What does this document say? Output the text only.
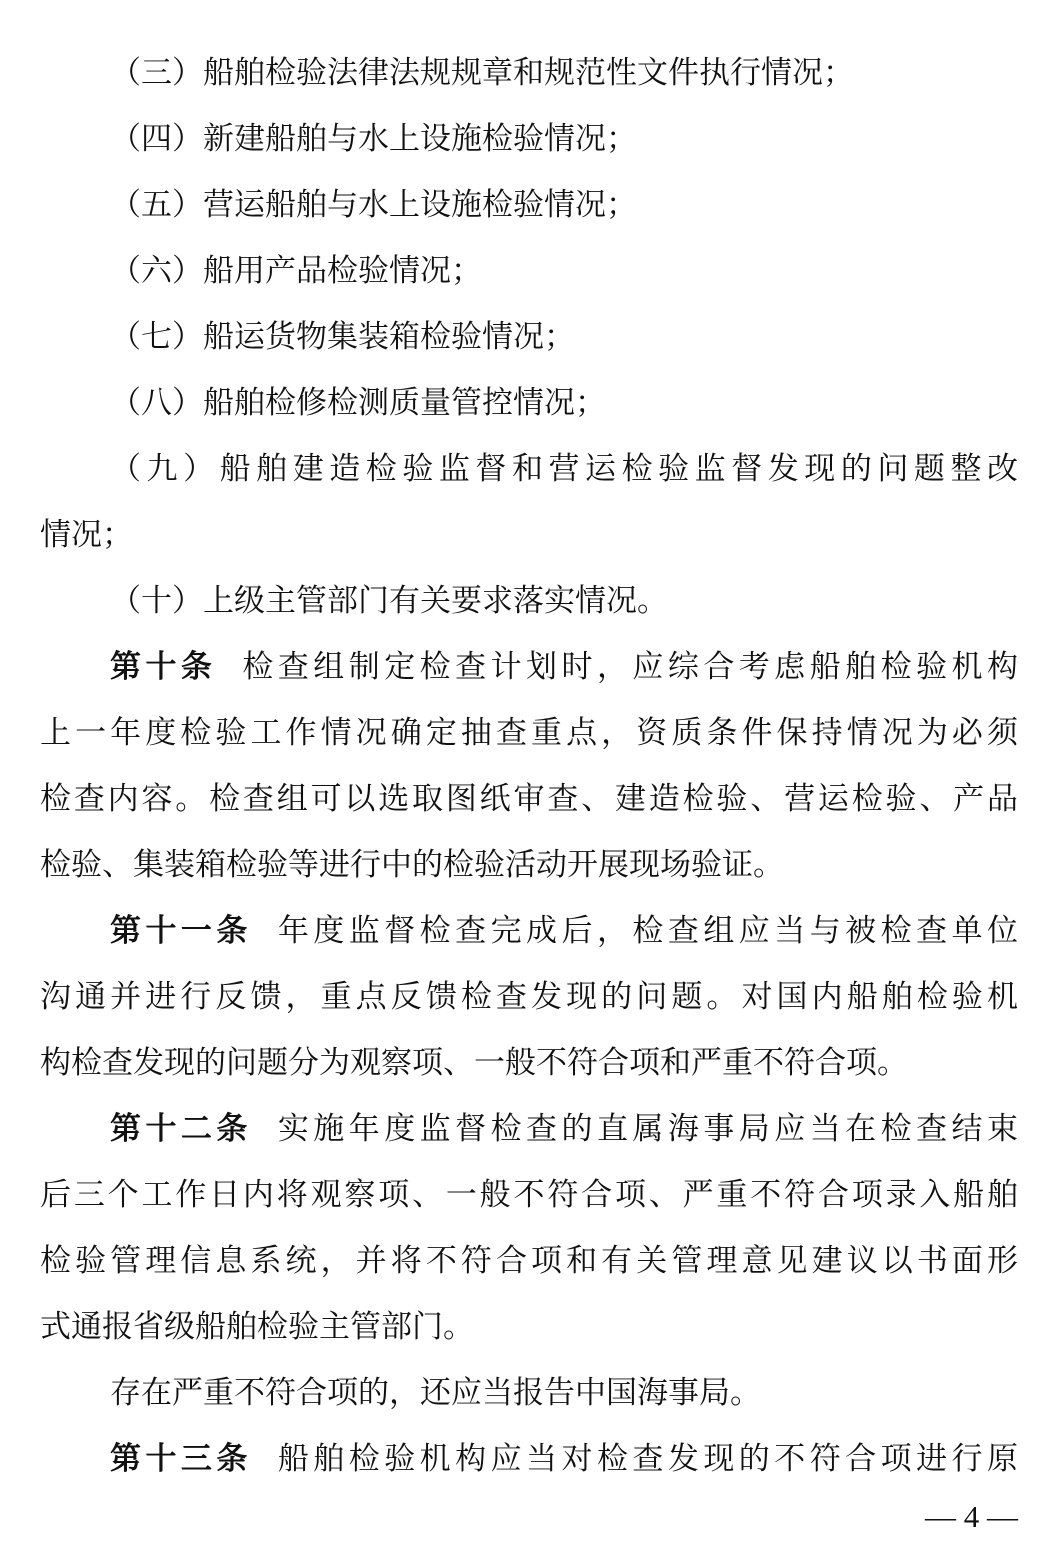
（三）船舶检验法律法规规章和规范性文件执行情况；
（四）新建船舶与水上设施检验情况；
（五）营运船舶与水上设施检验情况；
（六）船用产品检验情况；
（七）船运货物集装箱检验情况；
（八）船舶检修检测质量管控情况；
（九）船舶建造检验监督和营运检验监督发现的问题整改
情况；
（十）上级主管部门有关要求落实情况。
第十条 检查组制定检查计划时，应综合考虑船舶检验机构
上一年度检验工作情况确定抽查重点，资质条件保持情况为必须
检查内容。检查组可以选取图纸审查、建造检验、营运检验、产品
检验、集装箱检验等进行中的检验活动开展现场验证。
第十一条 年度监督检查完成后，检查组应当与被检查单位
沟通并进行反馈，重点反馈检查发现的问题。对国内船舶检验机
构检查发现的问题分为观察项、一般不符合项和严重不符合项。
第十二条 实施年度监督检查的直属海事局应当在检查结束
后三个工作日内将观察项、一般不符合项、严重不符合项录入船舶
检验管理信息系统，并将不符合项和有关管理意见建议以书面形
式通报省级船舶检验主管部门。
存在严重不符合项的，还应当报告中国海事局。
第十三条 船舶检验机构应当对检查发现的不符合项进行原
— 4 —
